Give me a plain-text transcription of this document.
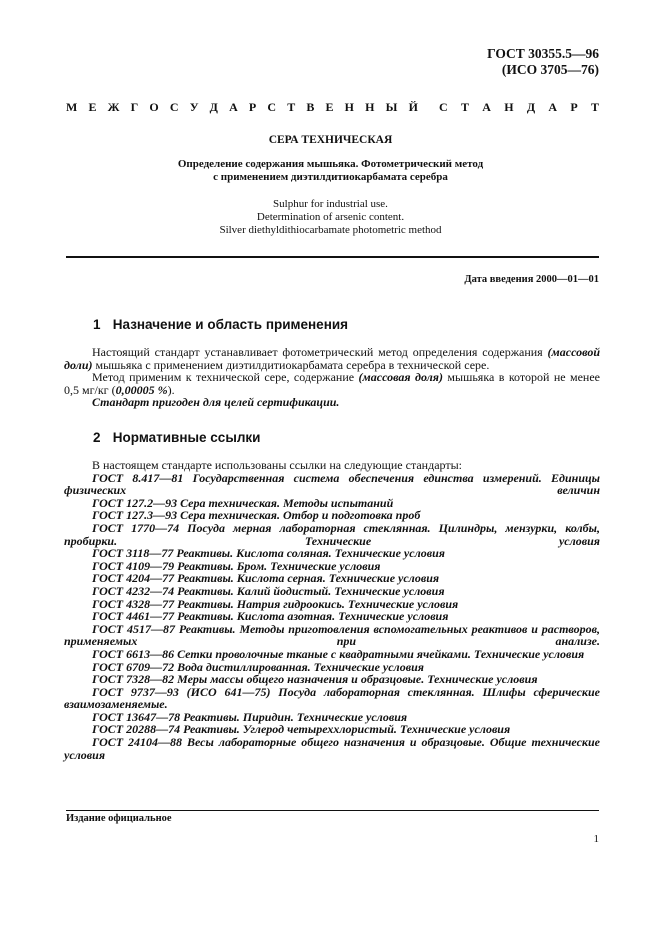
ГОСТ 30355.5—96
(ИСО 3705—76)
М Е Ж Г О С У Д А Р С Т В Е Н Н Ы Й С Т А Н Д А Р Т
СЕРА ТЕХНИЧЕСКАЯ
Определение содержания мышьяка. Фотометрический метод
с применением диэтилдитиокарбамата серебра
Sulphur for industrial use.
Determination of arsenic content.
Silver diethyldithiocarbamate photometric method
Дата введения 2000—01—01
1 Назначение и область применения

Настоящий стандарт устанавливает фотометрический метод определения содержания (массовой доли) мышьяка с применением диэтилдитиокарбамата серебра в технической сере.

Метод применим к технической сере, содержание (массовая доля) мышьяка в которой не менее 0,5 мг/кг (0,00005 %).

Стандарт пригоден для целей сертификации.

2 Нормативные ссылки

В настоящем стандарте использованы ссылки на следующие стандарты:

ГОСТ 8.417—81 Государственная система обеспечения единства измерений. Единицы физических величин

ГОСТ 127.2—93 Сера техническая. Методы испытаний

ГОСТ 127.3—93 Сера техническая. Отбор и подготовка проб

ГОСТ 1770—74 Посуда мерная лабораторная стеклянная. Цилиндры, мензурки, колбы, пробирки. Технические условия

ГОСТ 3118—77 Реактивы. Кислота соляная. Технические условия

ГОСТ 4109—79 Реактивы. Бром. Технические условия

ГОСТ 4204—77 Реактивы. Кислота серная. Технические условия

ГОСТ 4232—74 Реактивы. Калий йодистый. Технические условия

ГОСТ 4328—77 Реактивы. Натрия гидроокись. Технические условия

ГОСТ 4461—77 Реактивы. Кислота азотная. Технические условия

ГОСТ 4517—87 Реактивы. Методы приготовления вспомогательных реактивов и растворов, применяемых при анализе.

ГОСТ 6613—86 Сетки проволочные тканые с квадратными ячейками. Технические условия

ГОСТ 6709—72 Вода дистиллированная. Технические условия

ГОСТ 7328—82 Меры массы общего назначения и образцовые. Технические условия

ГОСТ 9737—93 (ИСО 641—75) Посуда лабораторная стеклянная. Шлифы сферические взаимозаменяемые.

ГОСТ 13647—78 Реактивы. Пиридин. Технические условия

ГОСТ 20288—74 Реактивы. Углерод четыреххлористый. Технические условия

ГОСТ 24104—88 Весы лабораторные общего назначения и образцовые. Общие технические условия

Издание официальное
1
